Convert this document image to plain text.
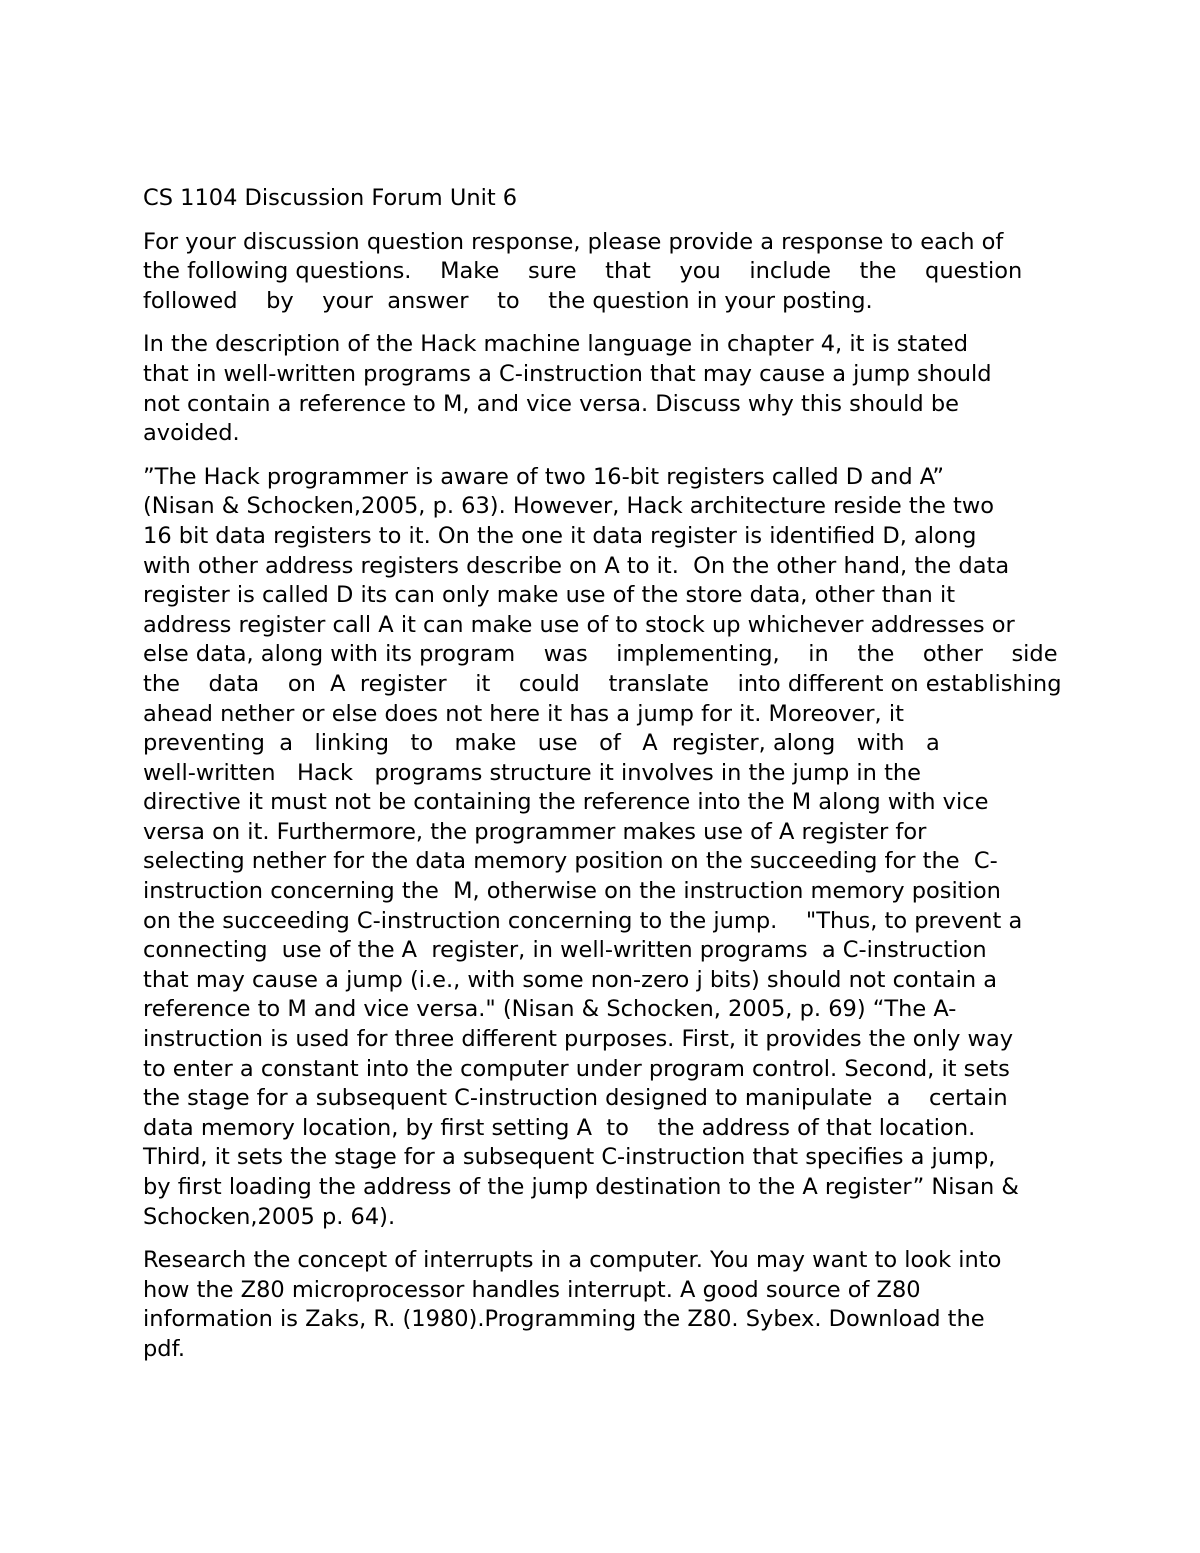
CS 1104 Discussion Forum Unit 6

For your discussion question response, please provide a response to each of
the following questions.    Make    sure    that    you    include    the    question
followed    by    your  answer    to    the question in your posting.

In the description of the Hack machine language in chapter 4, it is stated
that in well-written programs a C-instruction that may cause a jump should
not contain a reference to M, and vice versa. Discuss why this should be
avoided.

”The Hack programmer is aware of two 16-bit registers called D and A”
(Nisan & Schocken,2005, p. 63). However, Hack architecture reside the two
16 bit data registers to it. On the one it data register is identified D, along
with other address registers describe on A to it.  On the other hand, the data
register is called D its can only make use of the store data, other than it
address register call A it can make use of to stock up whichever addresses or
else data, along with its program    was    implementing,    in    the    other    side
the    data    on  A  register    it    could    translate    into different on establishing
ahead nether or else does not here it has a jump for it. Moreover, it
preventing  a   linking   to   make   use   of   A  register, along   with   a
well-written   Hack   programs structure it involves in the jump in the
directive it must not be containing the reference into the M along with vice
versa on it. Furthermore, the programmer makes use of A register for
selecting nether for the data memory position on the succeeding for the  C-
instruction concerning the  M, otherwise on the instruction memory position
on the succeeding C-instruction concerning to the jump.    "Thus, to prevent a
connecting  use of the A  register, in well-written programs  a C-instruction
that may cause a jump (i.e., with some non-zero j bits) should not contain a
reference to M and vice versa." (Nisan & Schocken, 2005, p. 69) “The A-
instruction is used for three different purposes. First, it provides the only way
to enter a constant into the computer under program control. Second, it sets
the stage for a subsequent C-instruction designed to manipulate  a    certain
data memory location, by first setting A  to    the address of that location.
Third, it sets the stage for a subsequent C-instruction that specifies a jump,
by first loading the address of the jump destination to the A register” Nisan &
Schocken,2005 p. 64).

Research the concept of interrupts in a computer. You may want to look into
how the Z80 microprocessor handles interrupt. A good source of Z80
information is Zaks, R. (1980).Programming the Z80. Sybex. Download the
pdf.
